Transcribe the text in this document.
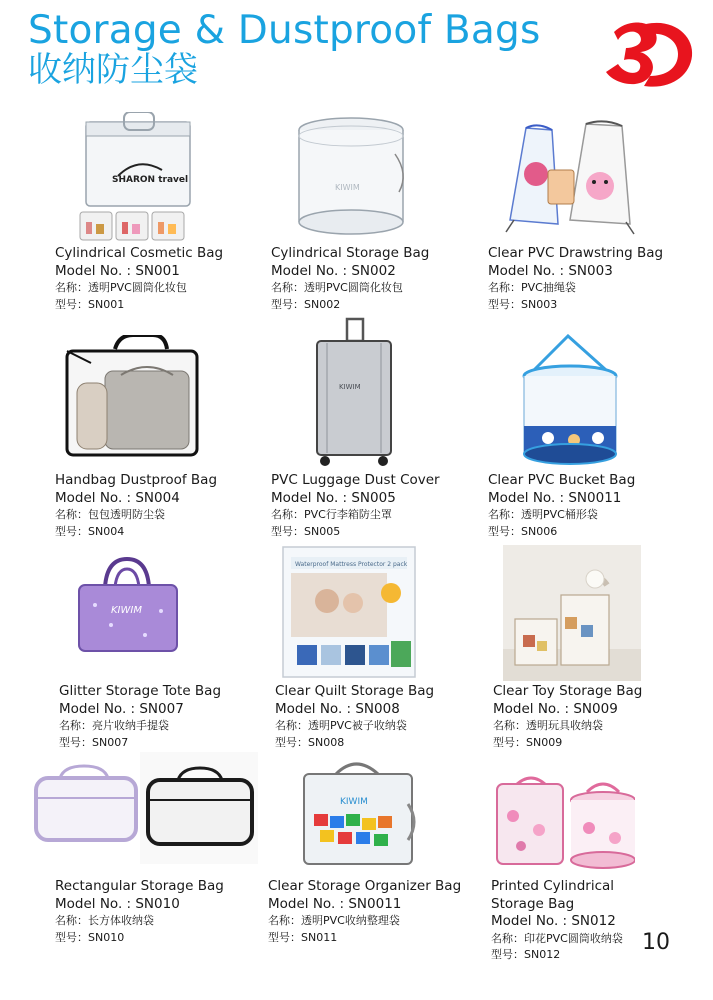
Storage & Dustproof Bags
收纳防尘袋
SHARON travel
Cylindrical Cosmetic Bag
Model No. : SN001
名称：透明PVC圆筒化妆包
型号：SN001
KIWIM
Cylindrical Storage Bag
Model No. : SN002
名称：透明PVC圆筒化妆包
型号：SN002
Clear PVC Drawstring Bag
Model No. : SN003
名称：PVC抽绳袋
型号：SN003
Handbag Dustproof Bag
Model No. : SN004
名称：包包透明防尘袋
型号：SN004
KIWIM
PVC Luggage Dust Cover
Model No. : SN005
名称：PVC行李箱防尘罩
型号：SN005
Clear PVC Bucket Bag
Model No. : SN0011
名称：透明PVC桶形袋
型号：SN006
KIWIM
Glitter Storage Tote Bag
Model No. : SN007
名称：亮片收纳手提袋
型号：SN007
Waterproof Mattress Protector 2 pack
Clear Quilt Storage Bag
Model No. : SN008
名称：透明PVC被子收纳袋
型号：SN008
Clear Toy Storage Bag
Model No. : SN009
名称：透明玩具收纳袋
型号：SN009
Rectangular Storage Bag
Model No. : SN010
名称：长方体收纳袋
型号：SN010
KIWIM
Clear Storage Organizer Bag
Model No. : SN0011
名称：透明PVC收纳整理袋
型号：SN011
Printed Cylindrical Storage Bag
Model No. : SN012
名称：印花PVC圆筒收纳袋
型号：SN012	10
